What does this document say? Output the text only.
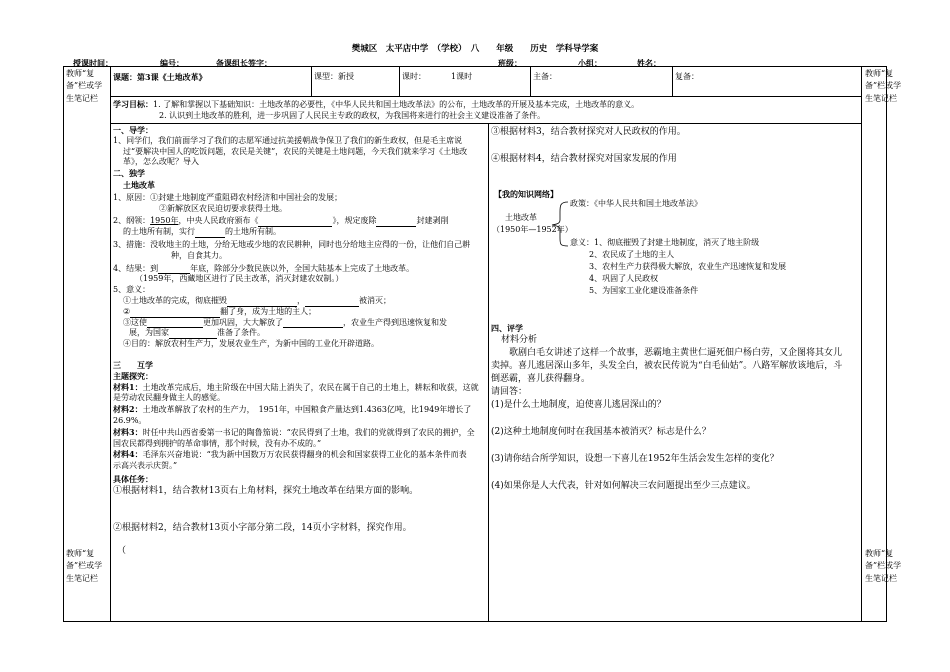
樊城区　太平店中学　（学校）　八　　年级　　历史　学科导学案
授课时间：	编号：	备课组长签字：	班级：	小组：	姓名：
教师“复备”栏或学生笔记栏
教师“复备”栏或学生笔记栏
教师“复备”栏或学生笔记栏
教师“复备”栏或学生笔记栏
课题：第3课《土地改革》	课型：新授	课时：	1课时	主备：	复备：

学习目标：1. 了解和掌握以下基础知识：土地改革的必要性，《中华人民共和国土地改革法》的公布，土地改革的开展及基本完成，土地改革的意义。

2. 认识到土地改革的胜利，进一步巩固了人民民主专政的政权，为我国将来进行的社会主义建设准备了条件。

一、导学：

1、同学们，我们前面学习了我们的志愿军通过抗美援朝战争保卫了我们的新生政权，但是毛主席说

过“要解决中国人的吃饭问题，农民是关键”，农民的关键是土地问题，今天我们就来学习《土地改

革》，怎么改呢？导入

二、独学

土地改革

1、原因：①封建土地制度严重阻碍农村经济和中国社会的发展；

②新解放区农民迫切要求获得土地。

2、纲领：1950年，中央人民政府颁布《	》，规定废除	封建剥削

的土地所有制，实行	的土地所有制。

3、措施：没收地主的土地，分给无地或少地的农民耕种，同时也分给地主应得的一份，让他们自己耕

种，自食其力。

4、结果：到	年底，除部分少数民族以外，全国大陆基本上完成了土地改革。

（1959年，西藏地区进行了民主改革，消灭封建农奴制。）

5、意义：

①土地改革的完成，彻底摧毁	，	被消灭；

②	翻了身，成为土地的主人；

③这使	更加巩固，大大解放了	，农业生产得到迅速恢复和发

展，为国家	准备了条件。

④目的：解放农村生产力，发展农业生产，为新中国的工业化开辟道路。

三　　互学

主题探究：

材料1：土地改革完成后，地主阶级在中国大陆上消失了，农民在属于自己的土地上，耕耘和收获，这就

是劳动农民翻身做主人的感觉。

材料2：土地改革解放了农村的生产力，　1951年，中国粮食产量达到1.4363亿吨，比1949年增长了

26.9%。

材料3：时任中共山西省委第一书记的陶鲁笳说：“农民得到了土地，我们的党就得到了农民的拥护，全

国农民都得到拥护的革命事情，那个时候，没有办不成的。”

材料4：毛泽东兴奋地说：“我为新中国数万万农民获得翻身的机会和国家获得工业化的基本条件而表

示高兴表示庆贺。”

具体任务：

①根据材料1，结合教材13页右上角材料，探究土地改革在结果方面的影响。

②根据材料2，结合教材13页小字部分第二段，14页小字材料，探究作用。

（

③根据材料3，结合教材探究对人民政权的作用。
④根据材料4，结合教材探究对国家发展的作用
【我的知识网络】
土地改革
（1950年—1952年）
政策：《中华人民共和国土地改革法》
意义：1、彻底摧毁了封建土地制度，消灭了地主阶级
2、农民成了土地的主人
3、农村生产力获得极大解放，农业生产迅速恢复和发展
4、巩固了人民政权
5、为国家工业化建设准备条件

四、评学

材料分析

歌剧白毛女讲述了这样一个故事，恶霸地主黄世仁逼死佃户杨白劳，又企图将其女儿

卖掉。喜儿逃居深山多年，头发全白，被农民传说为“白毛仙姑”。八路军解放该地后，斗

倒恶霸，喜儿获得翻身。

请回答：

(1)是什么土地制度，迫使喜儿逃居深山的？

(2)这种土地制度何时在我国基本被消灭？标志是什么？

(3)请你结合所学知识，设想一下喜儿在1952年生活会发生怎样的变化？

(4)如果你是人大代表，针对如何解决三农问题提出至少三点建议。
